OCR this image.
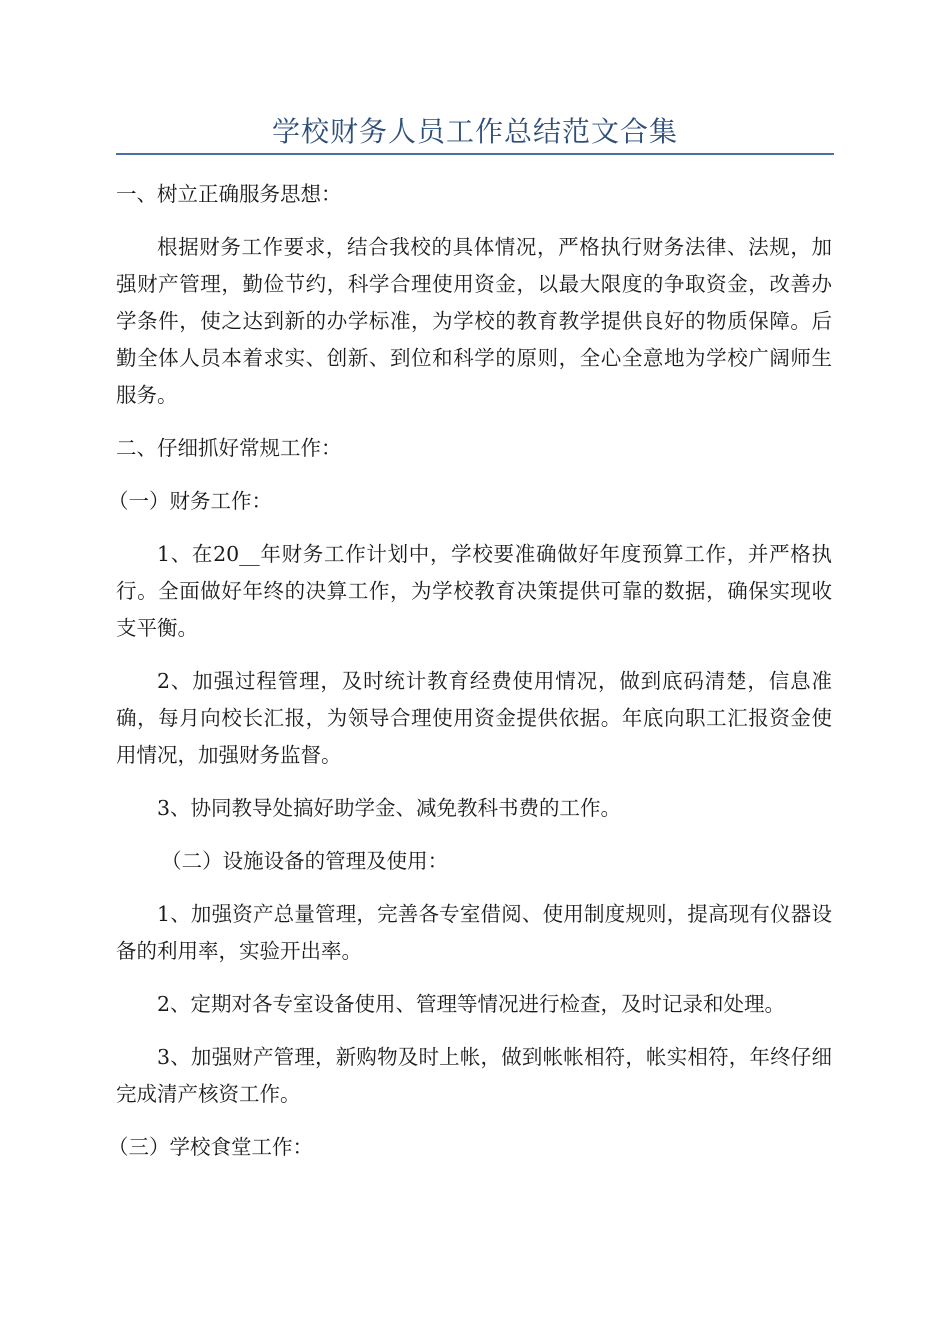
学校财务人员工作总结范文合集

一、树立正确服务思想：

根据财务工作要求，结合我校的具体情况，严格执行财务法律、法规，加强财产管理，勤俭节约，科学合理使用资金，以最大限度的争取资金，改善办学条件，使之达到新的办学标准，为学校的教育教学提供良好的物质保障。后勤全体人员本着求实、创新、到位和科学的原则，全心全意地为学校广阔师生服务。

二、仔细抓好常规工作：

（一）财务工作：

1、在20__年财务工作计划中，学校要准确做好年度预算工作，并严格执行。全面做好年终的决算工作，为学校教育决策提供可靠的数据，确保实现收支平衡。

2、加强过程管理，及时统计教育经费使用情况，做到底码清楚，信息准确，每月向校长汇报，为领导合理使用资金提供依据。年底向职工汇报资金使用情况，加强财务监督。

3、协同教导处搞好助学金、减免教科书费的工作。

（二）设施设备的管理及使用：

1、加强资产总量管理，完善各专室借阅、使用制度规则，提高现有仪器设备的利用率，实验开出率。

2、定期对各专室设备使用、管理等情况进行检查，及时记录和处理。

3、加强财产管理，新购物及时上帐，做到帐帐相符，帐实相符，年终仔细完成清产核资工作。

（三）学校食堂工作：
